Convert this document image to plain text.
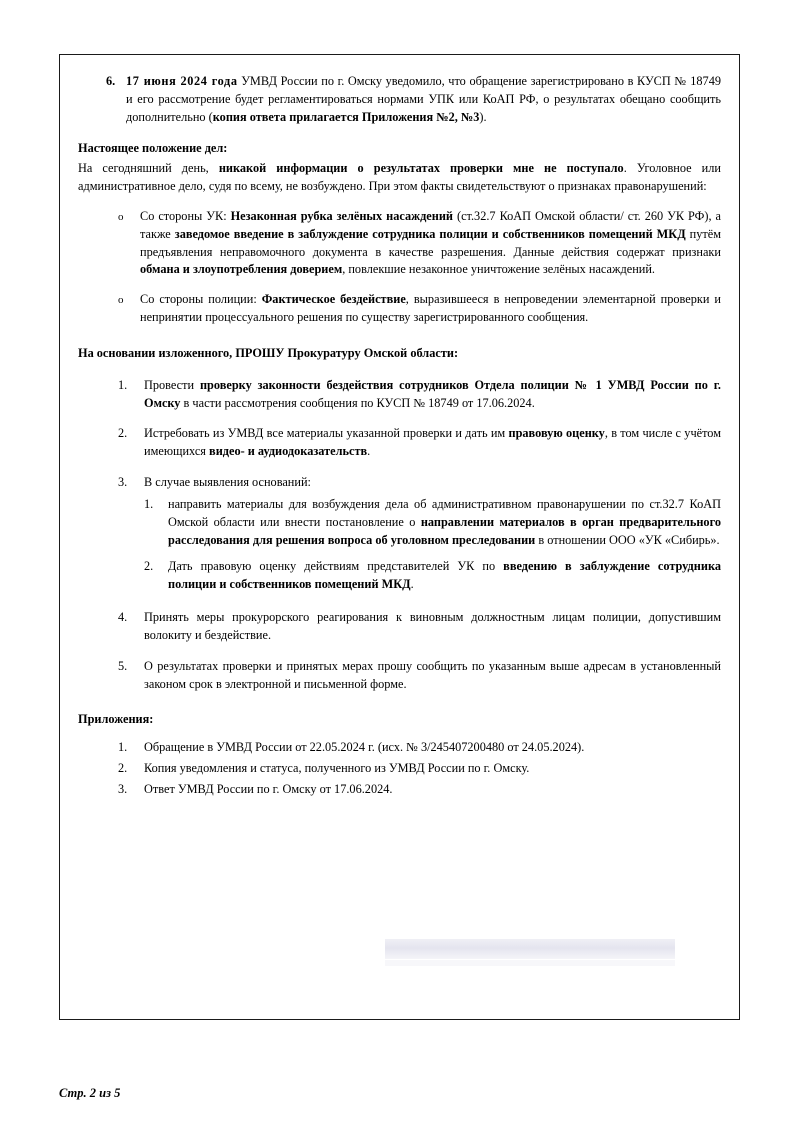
6. 17 июня 2024 года УМВД России по г. Омску уведомило, что обращение зарегистрировано в КУСП № 18749 и его рассмотрение будет регламентироваться нормами УПК или КоАП РФ, о результатах обещано сообщить дополнительно (копия ответа прилагается Приложения №2, №3).
Настоящее положение дел:
На сегодняшний день, никакой информации о результатах проверки мне не поступало. Уголовное или административное дело, судя по всему, не возбуждено. При этом факты свидетельствуют о признаках правонарушений:
o	Со стороны УК: Незаконная рубка зелёных насаждений (ст.32.7 КоАП Омской области/ ст. 260 УК РФ), а также заведомое введение в заблуждение сотрудника полиции и собственников помещений МКД путём предъявления неправомочного документа в качестве разрешения. Данные действия содержат признаки обмана и злоупотребления доверием, повлекшие незаконное уничтожение зелёных насаждений.
o	Со стороны полиции: Фактическое бездействие, выразившееся в непроведении элементарной проверки и непринятии процессуального решения по существу зарегистрированного сообщения.
На основании изложенного, ПРОШУ Прокуратуру Омской области:
1.	Провести проверку законности бездействия сотрудников Отдела полиции № 1 УМВД России по г. Омску в части рассмотрения сообщения по КУСП № 18749 от 17.06.2024.
2.	Истребовать из УМВД все материалы указанной проверки и дать им правовую оценку, в том числе с учётом имеющихся видео- и аудиодоказательств.
3.	В случае выявления оснований:
1.	направить материалы для возбуждения дела об административном правонарушении по ст.32.7 КоАП Омской области или внести постановление о направлении материалов в орган предварительного расследования для решения вопроса об уголовном преследовании в отношении ООО «УК «Сибирь».
2.	Дать правовую оценку действиям представителей УК по введению в заблуждение сотрудника полиции и собственников помещений МКД.
4.	Принять меры прокурорского реагирования к виновным должностным лицам полиции, допустившим волокиту и бездействие.
5.	О результатах проверки и принятых мерах прошу сообщить по указанным выше адресам в установленный законом срок в электронной и письменной форме.
Приложения:
1.	Обращение в УМВД России от 22.05.2024 г. (исх. № 3/245407200480 от 24.05.2024).
2.	Копия уведомления и статуса, полученного из УМВД России по г. Омску.
3.	Ответ УМВД России по г. Омску от 17.06.2024.
Стр. 2 из 5
